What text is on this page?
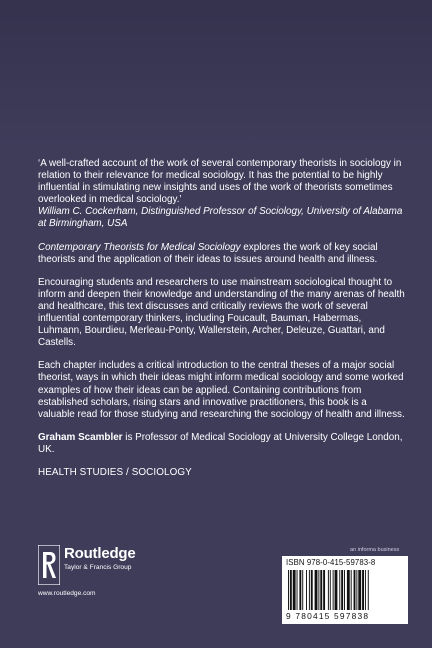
‘A well-crafted account of the work of several contemporary theorists in sociology in relation to their relevance for medical sociology. It has the potential to be highly influential in stimulating new insights and uses of the work of theorists sometimes overlooked in medical sociology.’
William C. Cockerham, Distinguished Professor of Sociology, University of Alabama at Birmingham, USA

Contemporary Theorists for Medical Sociology explores the work of key social theorists and the application of their ideas to issues around health and illness.

Encouraging students and researchers to use mainstream sociological thought to inform and deepen their knowledge and understanding of the many arenas of health and healthcare, this text discusses and critically reviews the work of several influential contemporary thinkers, including Foucault, Bauman, Habermas, Luhmann, Bourdieu, Merleau-Ponty, Wallerstein, Archer, Deleuze, Guattari, and Castells.

Each chapter includes a critical introduction to the central theses of a major social theorist, ways in which their ideas might inform medical sociology and some worked examples of how their ideas can be applied. Containing contributions from established scholars, rising stars and innovative practitioners, this book is a valuable read for those studying and researching the sociology of health and illness.

Graham Scambler is Professor of Medical Sociology at University College London, UK.

HEALTH STUDIES / SOCIOLOGY
Routledge
Taylor & Francis Group
www.routledge.com
an informa business
ISBN 978-0-415-59783-8
9 780415 597838
